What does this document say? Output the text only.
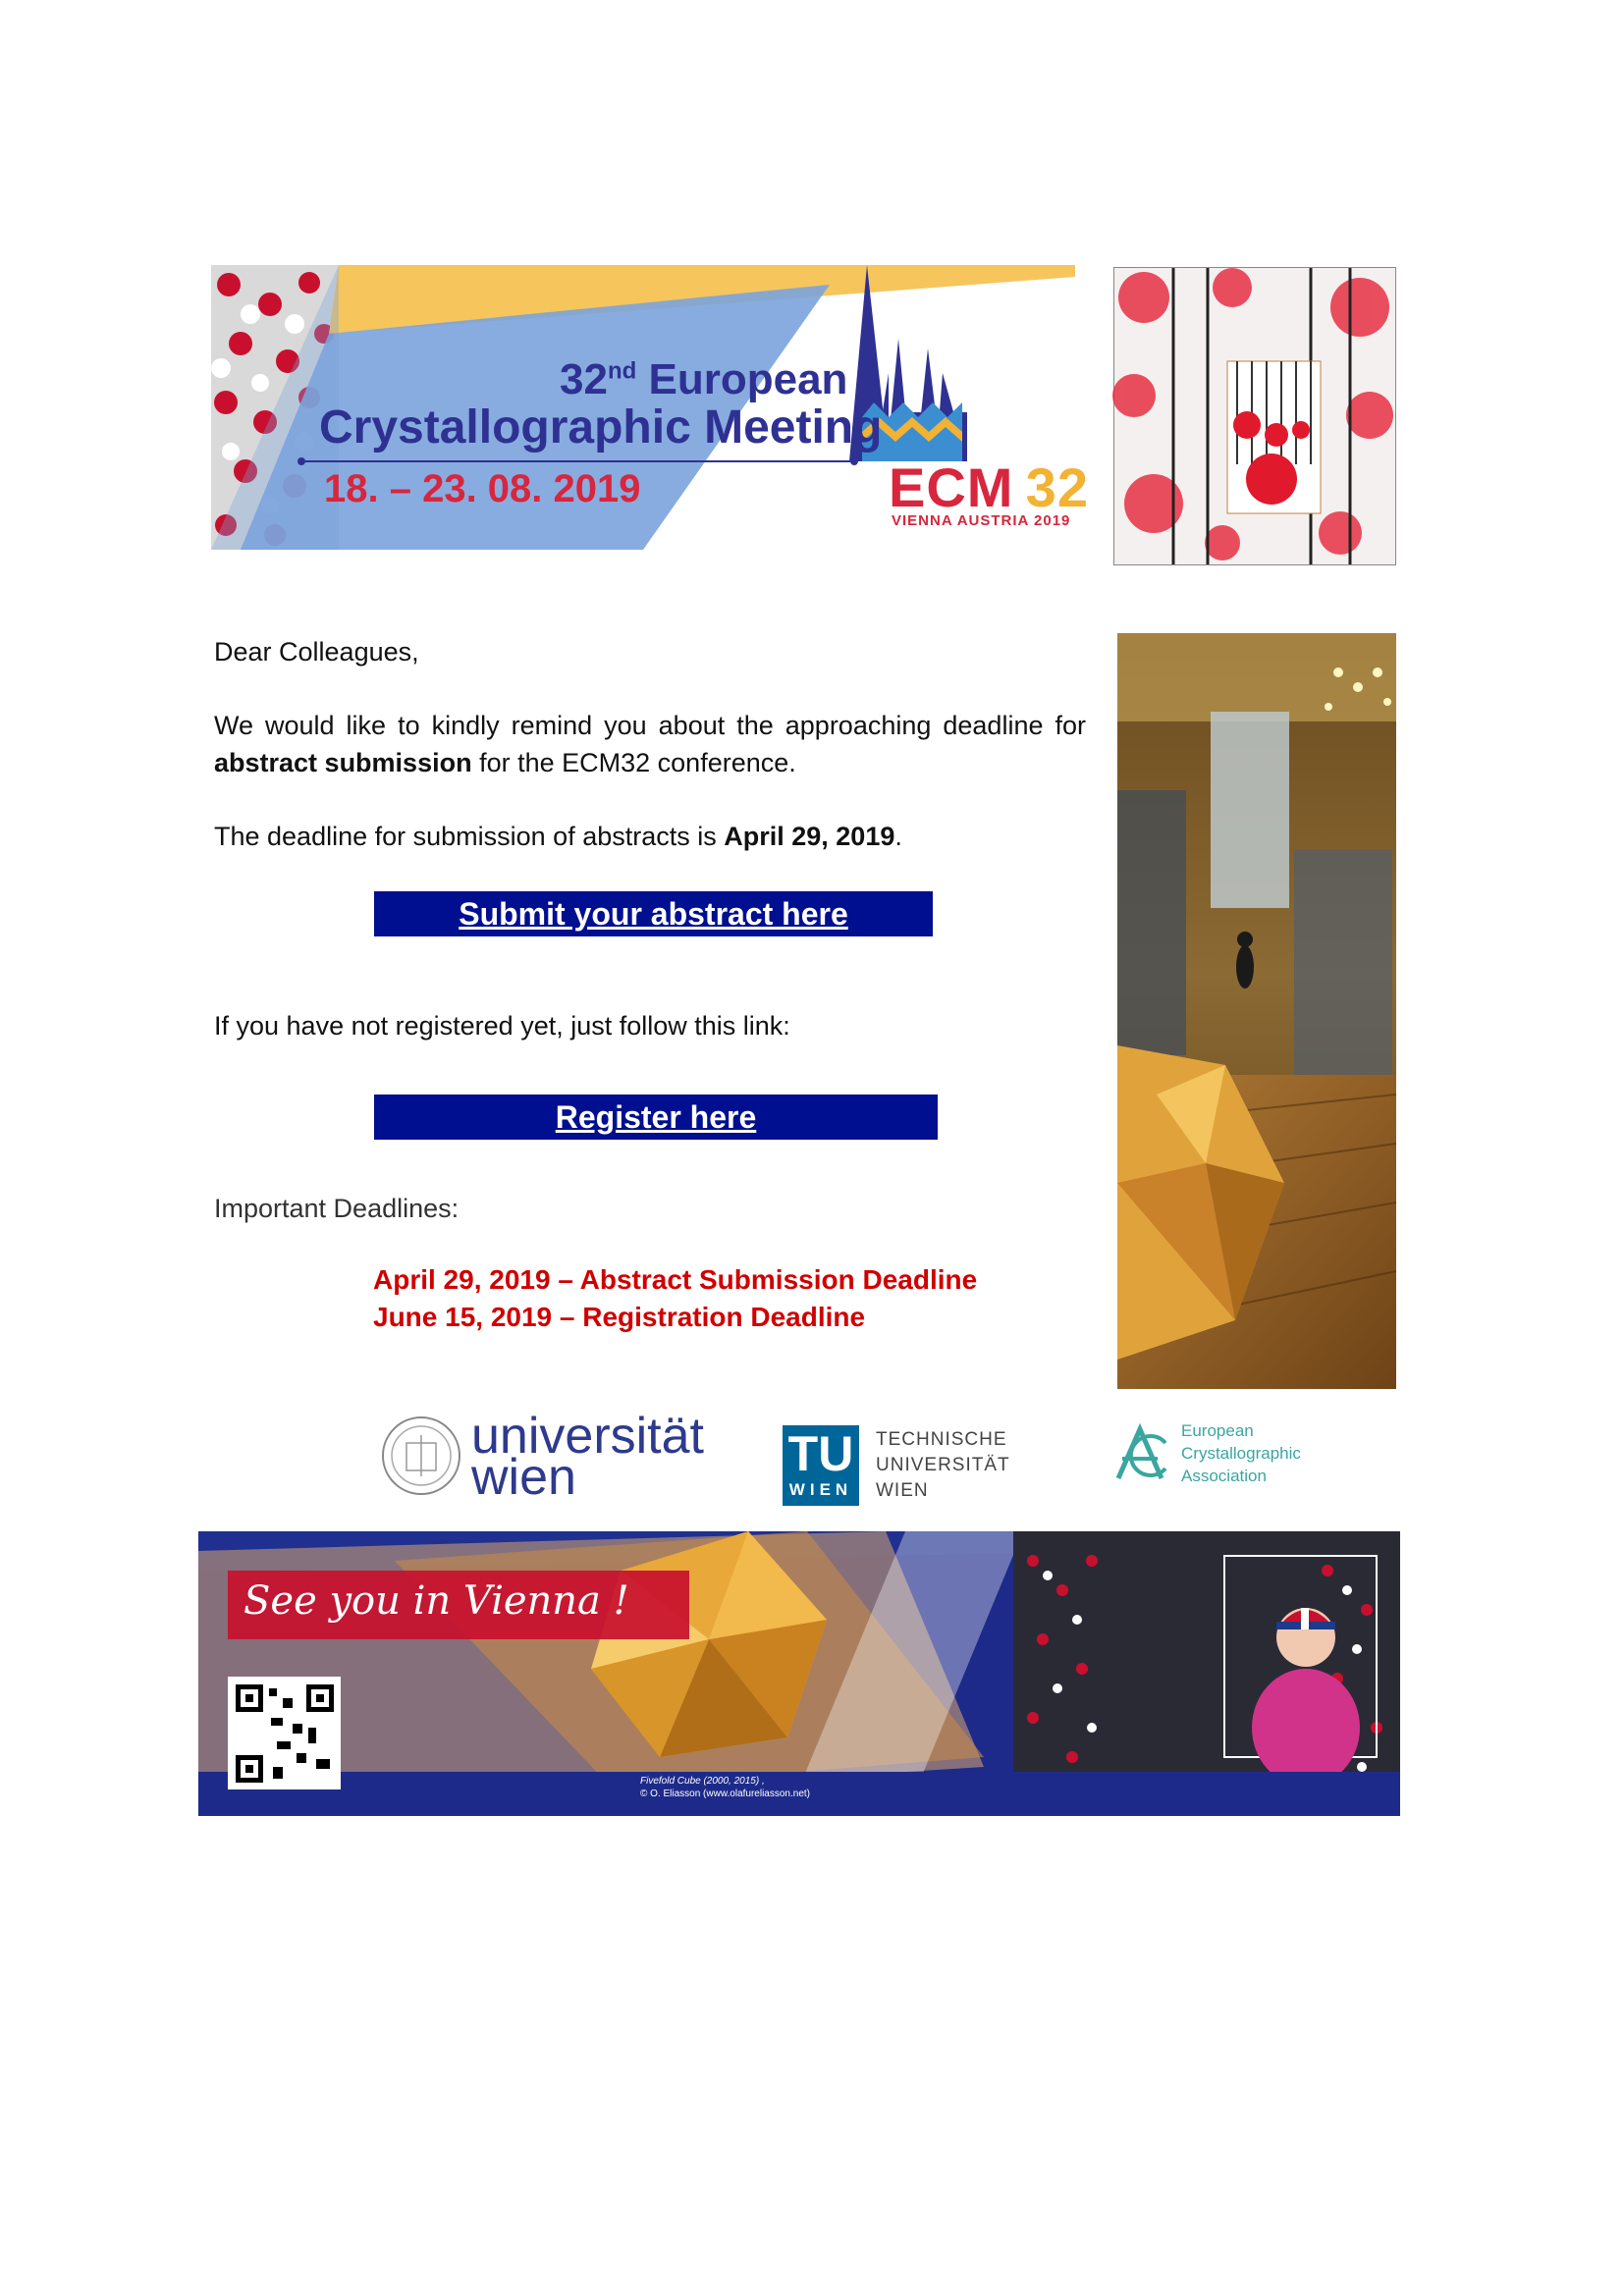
32nd European
Crystallographic Meeting
18. – 23. 08. 2019	ECM  32
VIENNA AUSTRIA 2019
Dear Colleagues,
We would like to kindly remind you about the approaching deadline for abstract submission for the ECM32 conference.
The deadline for submission of abstracts is April 29, 2019.
Submit your abstract here
If you have not registered yet, just follow this link:
Register here
Important Deadlines:
April 29, 2019 – Abstract Submission Deadline
June 15, 2019 – Registration Deadline
universität
wien	TU
WIEN
TECHNISCHE
UNIVERSITÄT
WIEN
European
Crystallographic
Association
See you in Vienna !
Fivefold Cube (2000, 2015) ,
© O. Eliasson (www.olafureliasson.net)
